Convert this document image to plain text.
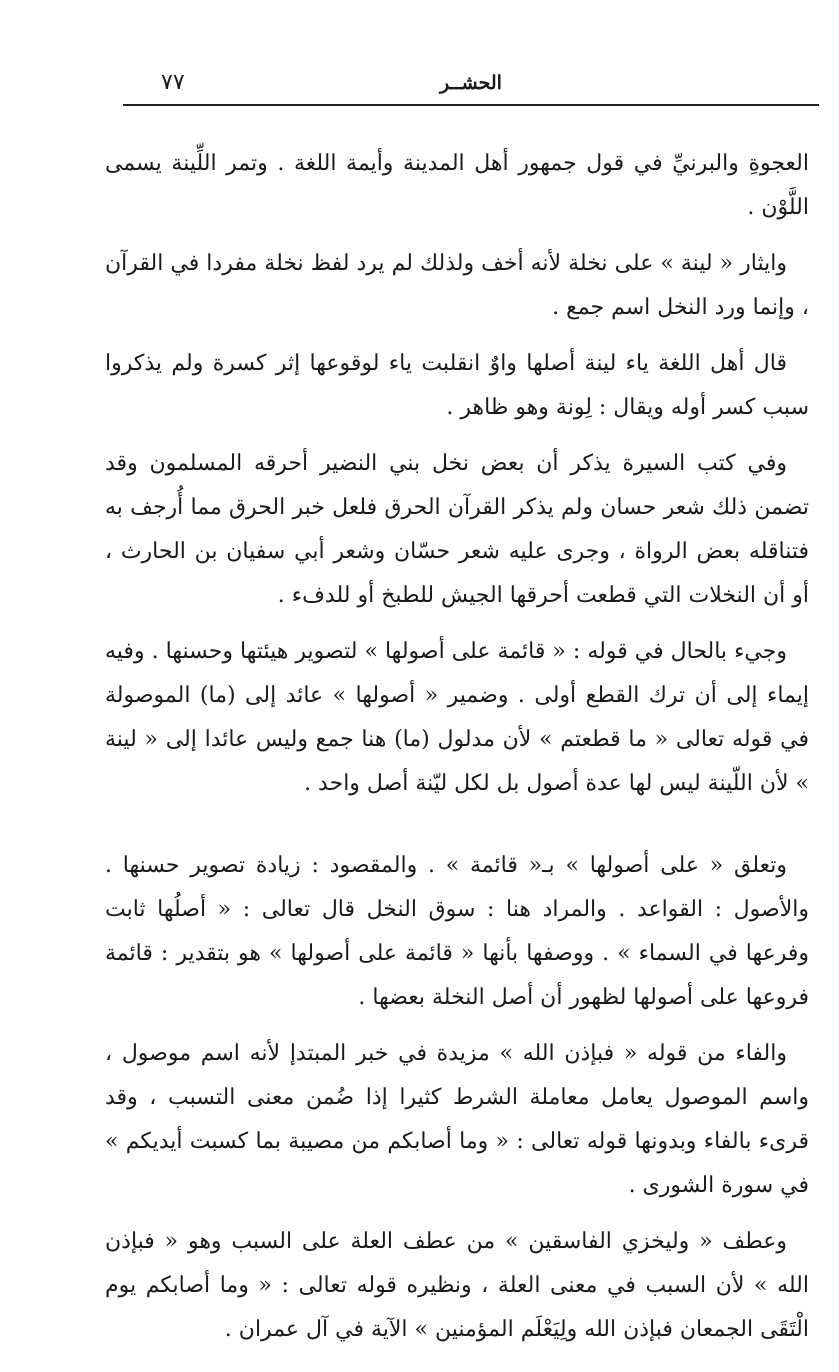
٧٧	الحشــر

العجوةِ والبرنيِّ في قول جمهور أهل المدينة وأيمة اللغة . وتمر اللِّينة يسمى اللَّوْن .

وايثار « لينة » على نخلة لأنه أخف ولذلك لم يرد لفظ نخلة مفردا في القرآن ، وإنما ورد النخل اسم جمع .

قال أهل اللغة ياء لينة أصلها واوٌ انقلبت ياء لوقوعها إثر كسرة ولم يذكروا سبب كسر أوله ويقال : لِونة وهو ظاهر .

وفي كتب السيرة يذكر أن بعض نخل بني النضير أحرقه المسلمون وقد تضمن ذلك شعر حسان ولم يذكر القرآن الحرق فلعل خبر الحرق مما أُرجف به فتناقله بعض الرواة ، وجرى عليه شعر حسّان وشعر أبي سفيان بن الحارث ، أو أن النخلات التي قطعت أحرقها الجيش للطبخ أو للدفء .

وجيء بالحال في قوله : « قائمة على أصولها » لتصوير هيئتها وحسنها . وفيه إيماء إلى أن ترك القطع أولى . وضمير « أصولها » عائد إلى (ما) الموصولة في قوله تعالى « ما قطعتم » لأن مدلول (ما) هنا جمع وليس عائدا إلى « لينة » لأن اللّينة ليس لها عدة أصول بل لكل ليّنة أصل واحد .

وتعلق « على أصولها » بـ« قائمة » . والمقصود : زيادة تصوير حسنها . والأصول : القواعد . والمراد هنا : سوق النخل قال تعالى : « أصلُها ثابت وفرعها في السماء » . ووصفها بأنها « قائمة على أصولها » هو بتقدير : قائمة فروعها على أصولها لظهور أن أصل النخلة بعضها .

والفاء من قوله « فبإذن الله » مزيدة في خبر المبتدإ لأنه اسم موصول ، واسم الموصول يعامل معاملة الشرط كثيرا إذا ضُمن معنى التسبب ، وقد قرىء بالفاء وبدونها قوله تعالى : « وما أصابكم من مصيبة بما كسبت أيديكم » في سورة الشورى .

وعطف « وليخزي الفاسقين » من عطف العلة على السبب وهو « فبإذن الله » لأن السبب في معنى العلة ، ونظيره قوله تعالى : « وما أصابكم يوم الْتَقَى الجمعان فبإذن الله ولِيَعْلَم المؤمنين » الآية في آل عمران .
